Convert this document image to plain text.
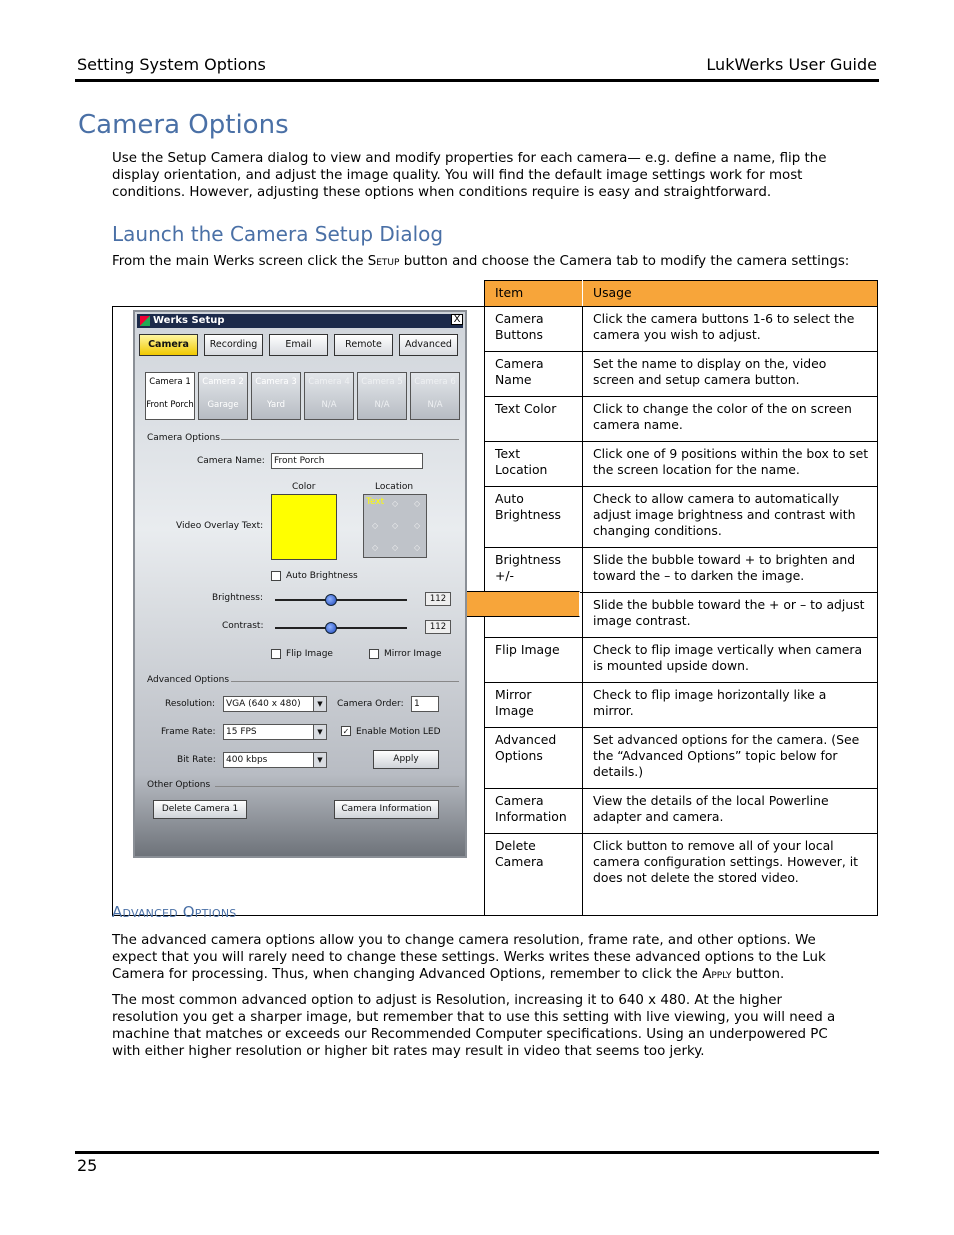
Setting System Options	LukWerks User Guide
Camera Options
Use the Setup Camera dialog to view and modify properties for each camera— e.g. define a name, flip the display orientation, and adjust the image quality. You will find the default image settings work for most conditions. However, adjusting these options when conditions require is easy and straightforward.
Launch the Camera Setup Dialog
From the main Werks screen click the Setup button and choose the Camera tab to modify the camera settings:
Item	Usage
	Camera Buttons	Click the camera buttons 1-6 to select the camera you wish to adjust.
	Camera Name	Set the name to display on the, video screen and setup camera button.
	Text Color	Click to change the color of the on screen camera name.
	Text Location	Click one of 9 positions within the box to set the screen location for the name.
	Auto Brightness	Check to allow camera to automatically adjust image brightness and contrast with changing conditions.
	Brightness +/-	Slide the bubble toward + to brighten and toward the – to darken the image.
	Slide the bubble toward the + or – to adjust image contrast.
	Flip Image	Check to flip image vertically when camera is mounted upside down.
	Mirror Image	Check to flip image horizontally like a mirror.
	Advanced Options	Set advanced options for the camera. (See the “Advanced Options” topic below for details.)
	Camera Information	View the details of the local Powerline adapter and camera.
	Delete Camera	Click button to remove all of your local camera configuration settings. However, it does not delete the stored video.
Werks Setup	X
Camera	Recording	Email	Remote	Advanced
Camera 1
Front Porch
Camera 2
Garage
Camera 3
Yard
Camera 4
N/A
Camera 5
N/A
Camera 6
N/A
Camera Options
Camera Name:	Front Porch
Color	Location
Video Overlay Text:
Text ◇ ◇
◇ ◇ ◇
◇ ◇ ◇
Auto Brightness
Brightness:	112
Contrast:	112
Flip Image	Mirror Image
Advanced Options
Resolution:	VGA (640 x 480)	▼	Camera Order:	1
Frame Rate:	15 FPS	▼	✓ Enable Motion LED
Bit Rate:	400 kbps	▼	Apply
Other Options
Delete Camera 1	Camera Information
Advanced Options
The advanced camera options allow you to change camera resolution, frame rate, and other options. We expect that you will rarely need to change these settings. Werks writes these advanced options to the Luk Camera for processing. Thus, when changing Advanced Options, remember to click the Apply button.
The most common advanced option to adjust is Resolution, increasing it to 640 x 480. At the higher resolution you get a sharper image, but remember that to use this setting with live viewing, you will need a machine that matches or exceeds our Recommended Computer specifications. Using an underpowered PC with either higher resolution or higher bit rates may result in video that seems too jerky.
25
